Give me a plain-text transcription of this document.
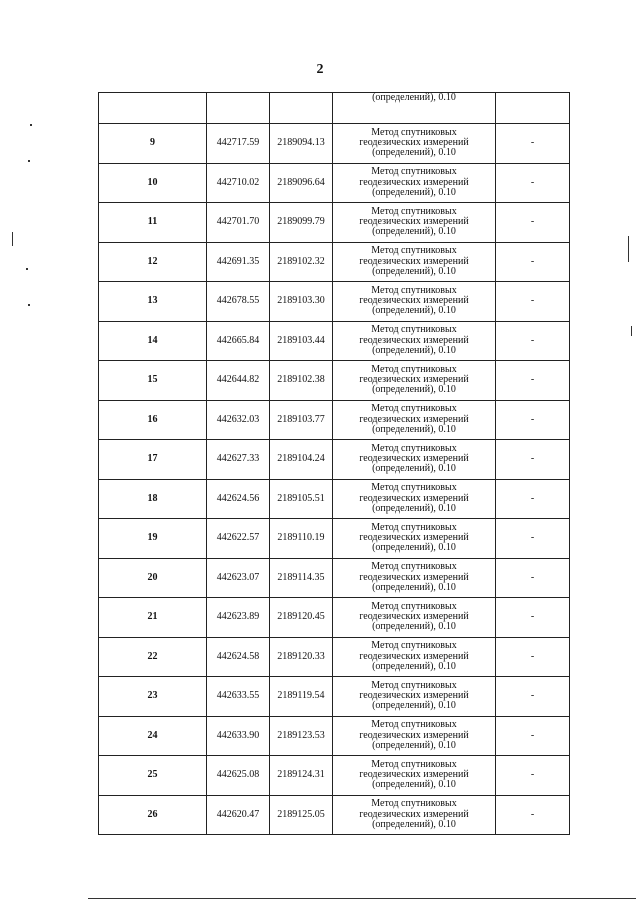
2
			(определений), 0.10	
9	442717.59	2189094.13	Метод спутниковых
геодезических измерений
(определений), 0.10	-
10	442710.02	2189096.64	Метод спутниковых
геодезических измерений
(определений), 0.10	-
11	442701.70	2189099.79	Метод спутниковых
геодезических измерений
(определений), 0.10	-
12	442691.35	2189102.32	Метод спутниковых
геодезических измерений
(определений), 0.10	-
13	442678.55	2189103.30	Метод спутниковых
геодезических измерений
(определений), 0.10	-
14	442665.84	2189103.44	Метод спутниковых
геодезических измерений
(определений), 0.10	-
15	442644.82	2189102.38	Метод спутниковых
геодезических измерений
(определений), 0.10	-
16	442632.03	2189103.77	Метод спутниковых
геодезических измерений
(определений), 0.10	-
17	442627.33	2189104.24	Метод спутниковых
геодезических измерений
(определений), 0.10	-
18	442624.56	2189105.51	Метод спутниковых
геодезических измерений
(определений), 0.10	-
19	442622.57	2189110.19	Метод спутниковых
геодезических измерений
(определений), 0.10	-
20	442623.07	2189114.35	Метод спутниковых
геодезических измерений
(определений), 0.10	-
21	442623.89	2189120.45	Метод спутниковых
геодезических измерений
(определений), 0.10	-
22	442624.58	2189120.33	Метод спутниковых
геодезических измерений
(определений), 0.10	-
23	442633.55	2189119.54	Метод спутниковых
геодезических измерений
(определений), 0.10	-
24	442633.90	2189123.53	Метод спутниковых
геодезических измерений
(определений), 0.10	-
25	442625.08	2189124.31	Метод спутниковых
геодезических измерений
(определений), 0.10	-
26	442620.47	2189125.05	Метод спутниковых
геодезических измерений
(определений), 0.10	-
